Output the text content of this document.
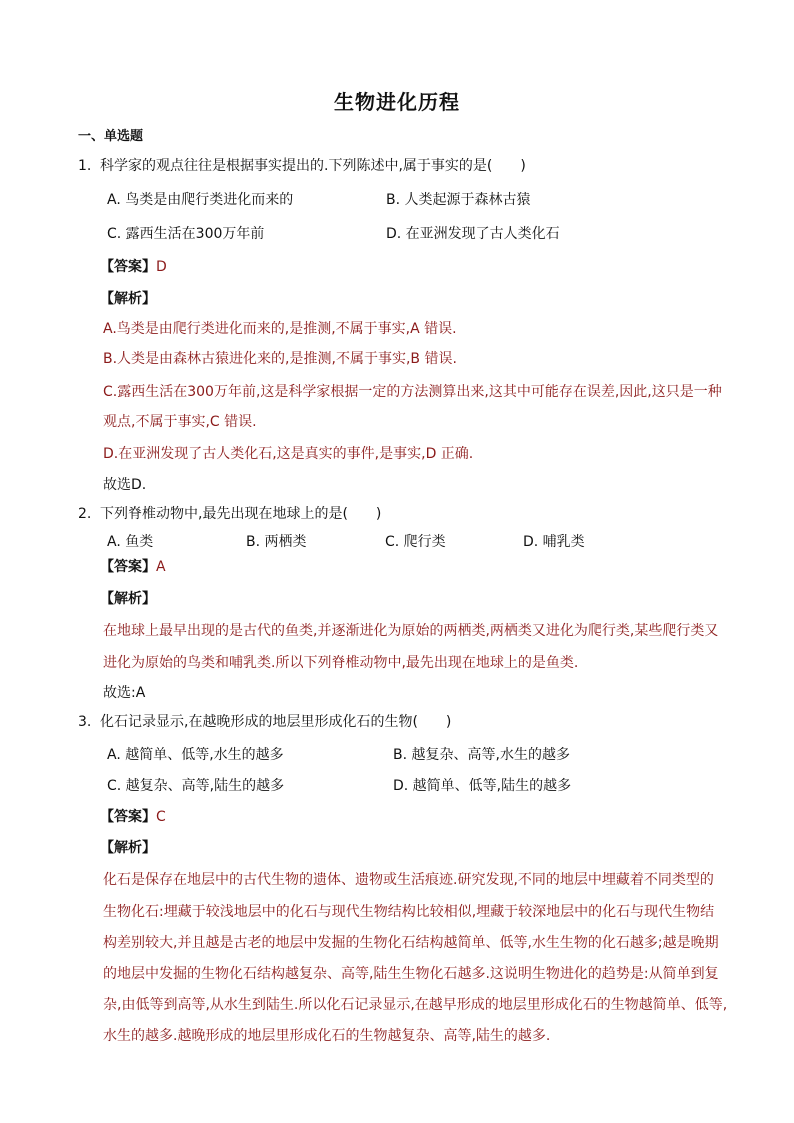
生物进化历程
一、单选题
1. 科学家的观点往往是根据事实提出的.下列陈述中,属于事实的是(　　)
A. 鸟类是由爬行类进化而来的	B. 人类起源于森林古猿
C. 露西生活在300万年前	D. 在亚洲发现了古人类化石
【答案】D
【解析】
A.鸟类是由爬行类进化而来的,是推测,不属于事实,A 错误.
B.人类是由森林古猿进化来的,是推测,不属于事实,B 错误.
C.露西生活在300万年前,这是科学家根据一定的方法测算出来,这其中可能存在误差,因此,这只是一种
观点,不属于事实,C 错误.
D.在亚洲发现了古人类化石,这是真实的事件,是事实,D 正确.
故选D.
2. 下列脊椎动物中,最先出现在地球上的是(　　)
A. 鱼类	B. 两栖类	C. 爬行类	D. 哺乳类
【答案】A
【解析】
在地球上最早出现的是古代的鱼类,并逐渐进化为原始的两栖类,两栖类又进化为爬行类,某些爬行类又
进化为原始的鸟类和哺乳类.所以下列脊椎动物中,最先出现在地球上的是鱼类.
故选:A
3. 化石记录显示,在越晚形成的地层里形成化石的生物(　　)
A. 越简单、低等,水生的越多	B. 越复杂、高等,水生的越多
C. 越复杂、高等,陆生的越多	D. 越简单、低等,陆生的越多
【答案】C
【解析】
化石是保存在地层中的古代生物的遗体、遗物或生活痕迹.研究发现,不同的地层中埋藏着不同类型的
生物化石:埋藏于较浅地层中的化石与现代生物结构比较相似,埋藏于较深地层中的化石与现代生物结
构差别较大,并且越是古老的地层中发掘的生物化石结构越简单、低等,水生生物的化石越多;越是晚期
的地层中发掘的生物化石结构越复杂、高等,陆生生物化石越多.这说明生物进化的趋势是:从简单到复
杂,由低等到高等,从水生到陆生.所以化石记录显示,在越早形成的地层里形成化石的生物越简单、低等,
水生的越多.越晚形成的地层里形成化石的生物越复杂、高等,陆生的越多.
